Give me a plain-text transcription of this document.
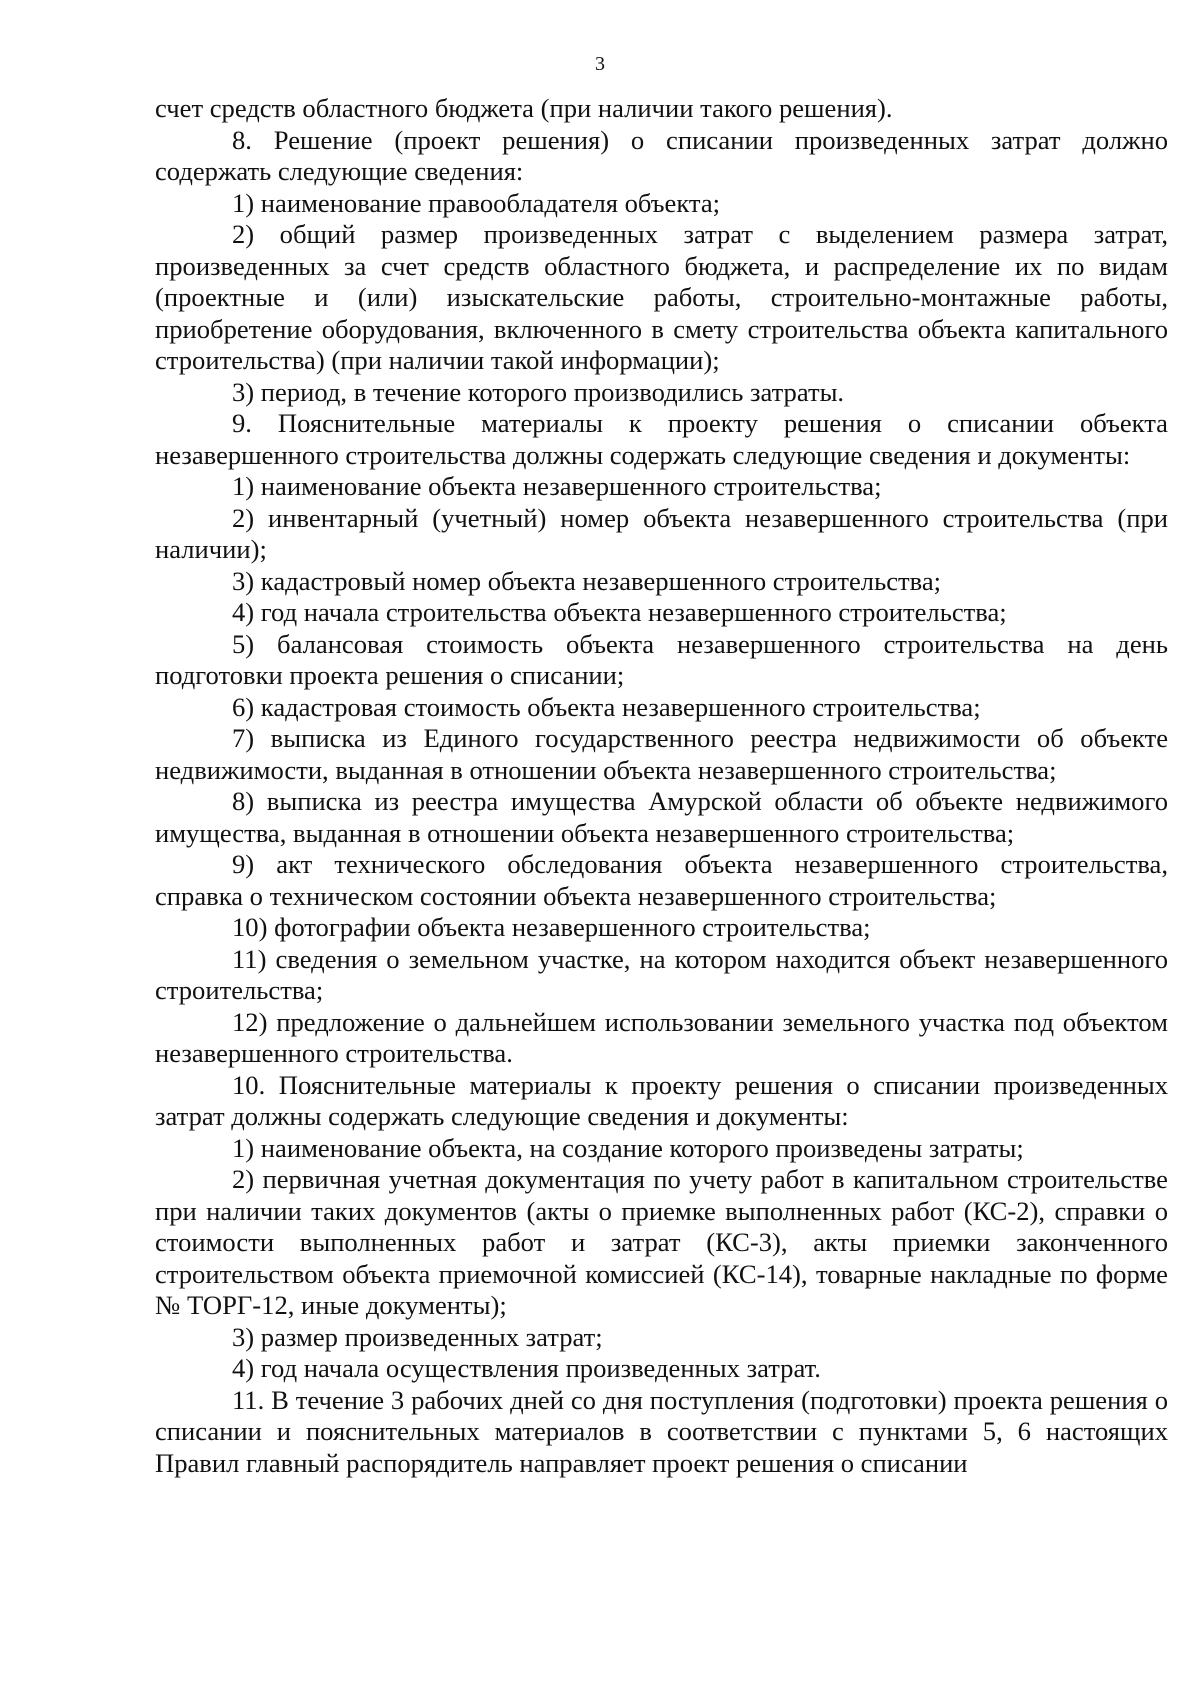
3

счет средств областного бюджета (при наличии такого решения).

8. Решение (проект решения) о списании произведенных затрат должно содержать следующие сведения:

1) наименование правообладателя объекта;

2) общий размер произведенных затрат с выделением размера затрат, произведенных за счет средств областного бюджета, и распределение их по видам (проектные и (или) изыскательские работы, строительно-монтажные работы, приобретение оборудования, включенного в смету строительства объекта капитального строительства) (при наличии такой информации);

3) период, в течение которого производились затраты.

9. Пояснительные материалы к проекту решения о списании объекта незавершенного строительства должны содержать следующие сведения и документы:

1) наименование объекта незавершенного строительства;

2) инвентарный (учетный) номер объекта незавершенного строительства (при наличии);

3) кадастровый номер объекта незавершенного строительства;

4) год начала строительства объекта незавершенного строительства;

5) балансовая стоимость объекта незавершенного строительства на день подготовки проекта решения о списании;

6) кадастровая стоимость объекта незавершенного строительства;

7) выписка из Единого государственного реестра недвижимости об объекте недвижимости, выданная в отношении объекта незавершенного строительства;

8) выписка из реестра имущества Амурской области об объекте недвижимого имущества, выданная в отношении объекта незавершенного строительства;

9) акт технического обследования объекта незавершенного строительства, справка о техническом состоянии объекта незавершенного строительства;

10) фотографии объекта незавершенного строительства;

11) сведения о земельном участке, на котором находится объект незавершенного строительства;

12) предложение о дальнейшем использовании земельного участка под объектом незавершенного строительства.

10. Пояснительные материалы к проекту решения о списании произведенных затрат должны содержать следующие сведения и документы:

1) наименование объекта, на создание которого произведены затраты;

2) первичная учетная документация по учету работ в капитальном строительстве при наличии таких документов (акты о приемке выполненных работ (КС-2), справки о стоимости выполненных работ и затрат (КС-3), акты приемки законченного строительством объекта приемочной комиссией (КС-14), товарные накладные по форме № ТОРГ-12, иные документы);

3) размер произведенных затрат;

4) год начала осуществления произведенных затрат.

11. В течение 3 рабочих дней со дня поступления (подготовки) проекта решения о списании и пояснительных материалов в соответствии с пунктами 5, 6 настоящих Правил главный распорядитель направляет проект решения о списании
